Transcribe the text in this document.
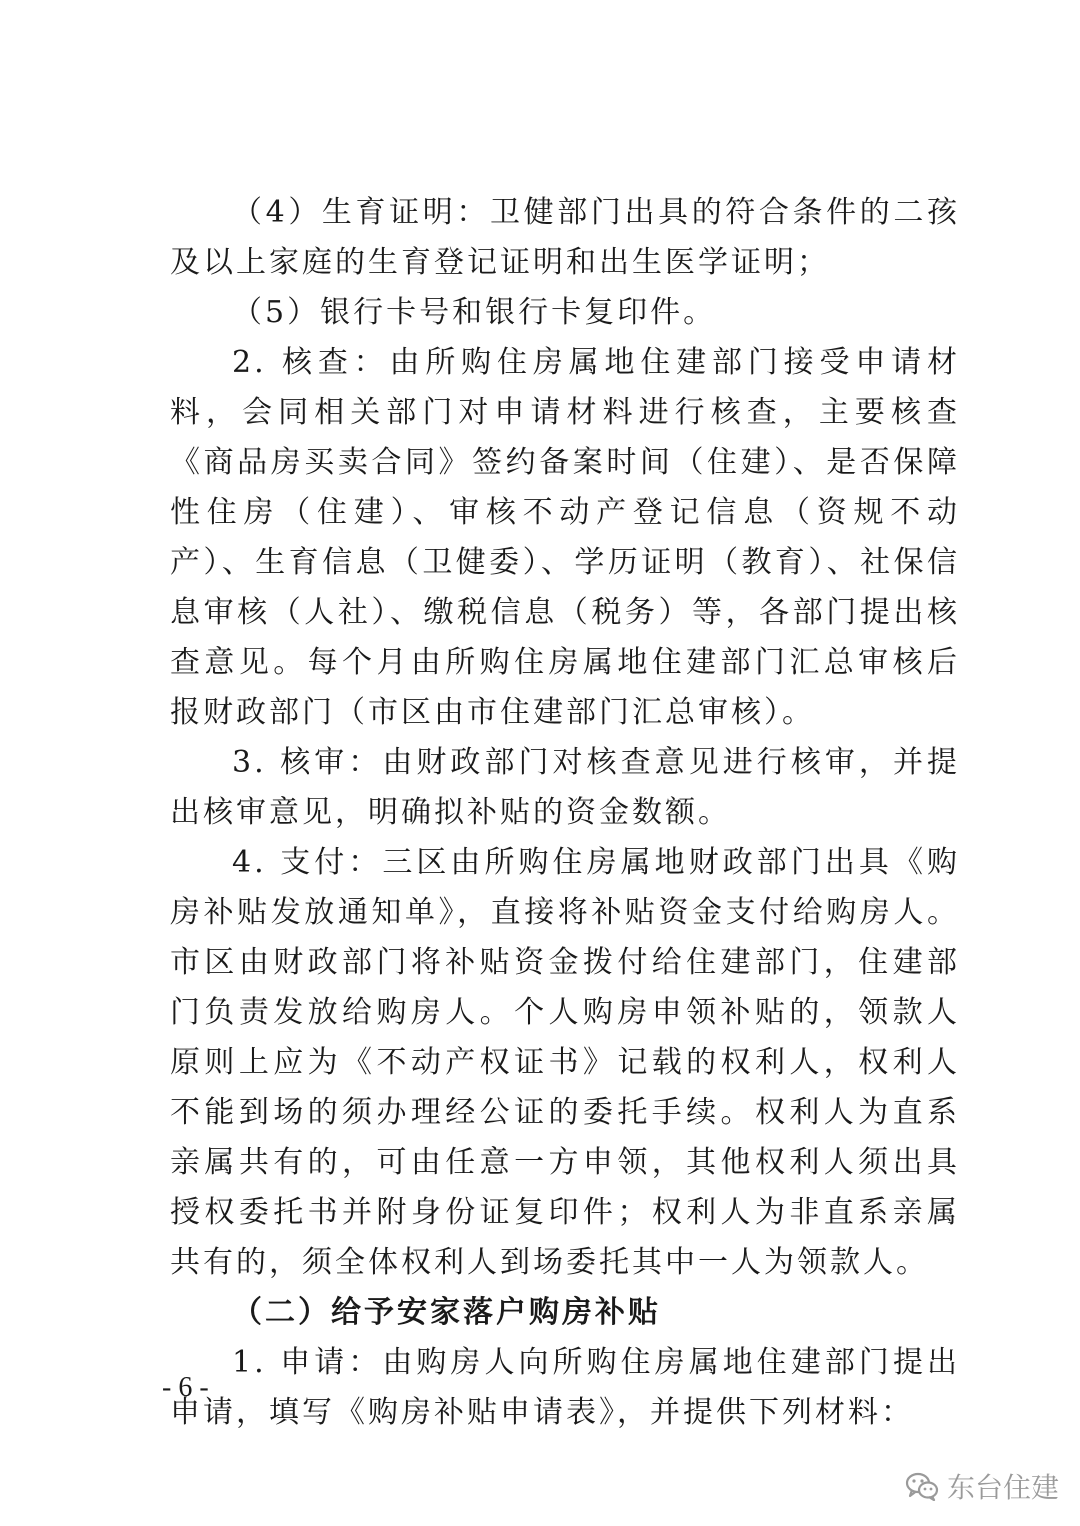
（4）生育证明：卫健部门出具的符合条件的二孩及以上家庭的生育登记证明和出生医学证明；

（5）银行卡号和银行卡复印件。

2. 核查：由所购住房属地住建部门接受申请材料，会同相关部门对申请材料进行核查，主要核查《商品房买卖合同》签约备案时间（住建）、是否保障性住房（住建）、审核不动产登记信息（资规不动产）、生育信息（卫健委）、学历证明（教育）、社保信息审核（人社）、缴税信息（税务）等，各部门提出核查意见。每个月由所购住房属地住建部门汇总审核后报财政部门（市区由市住建部门汇总审核）。

3. 核审：由财政部门对核查意见进行核审，并提出核审意见，明确拟补贴的资金数额。

4. 支付：三区由所购住房属地财政部门出具《购房补贴发放通知单》，直接将补贴资金支付给购房人。市区由财政部门将补贴资金拨付给住建部门，住建部门负责发放给购房人。个人购房申领补贴的，领款人原则上应为《不动产权证书》记载的权利人，权利人不能到场的须办理经公证的委托手续。权利人为直系亲属共有的，可由任意一方申领，其他权利人须出具授权委托书并附身份证复印件；权利人为非直系亲属共有的，须全体权利人到场委托其中一人为领款人。

（二）给予安家落户购房补贴

1. 申请：由购房人向所购住房属地住建部门提出申请，填写《购房补贴申请表》，并提供下列材料：

- 6 -
东台住建
